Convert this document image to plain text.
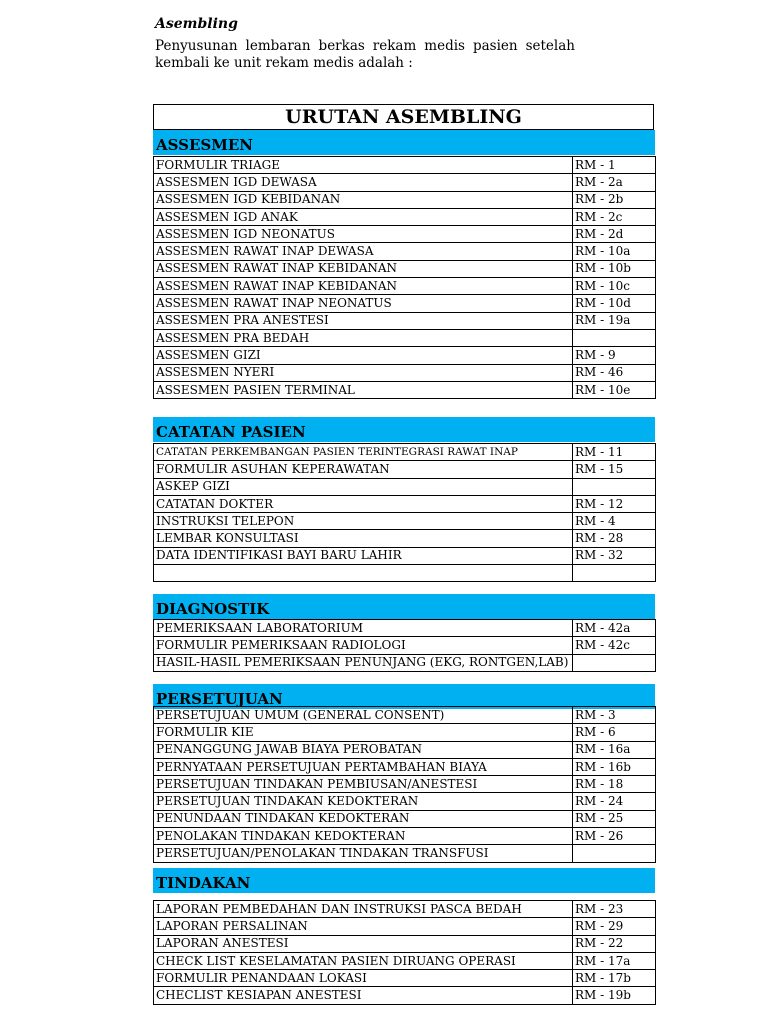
Asembling
Penyusunan lembaran berkas rekam medis pasien setelah kembali ke unit rekam medis adalah :
URUTAN ASEMBLING
ASSESMEN
FORMULIR TRIAGE	RM - 1
ASSESMEN IGD DEWASA	RM - 2a
ASSESMEN IGD KEBIDANAN	RM - 2b
ASSESMEN IGD ANAK	RM - 2c
ASSESMEN IGD NEONATUS	RM - 2d
ASSESMEN RAWAT INAP DEWASA	RM - 10a
ASSESMEN RAWAT INAP KEBIDANAN	RM - 10b
ASSESMEN RAWAT INAP KEBIDANAN	RM - 10c
ASSESMEN RAWAT INAP NEONATUS	RM - 10d
ASSESMEN PRA ANESTESI	RM - 19a
ASSESMEN PRA BEDAH	
ASSESMEN GIZI	RM - 9
ASSESMEN NYERI	RM - 46
ASSESMEN PASIEN TERMINAL	RM - 10e
CATATAN PASIEN
CATATAN PERKEMBANGAN PASIEN TERINTEGRASI RAWAT INAP	RM - 11
FORMULIR ASUHAN KEPERAWATAN	RM - 15
ASKEP GIZI	
CATATAN DOKTER	RM - 12
INSTRUKSI TELEPON	RM - 4
LEMBAR KONSULTASI	RM - 28
DATA IDENTIFIKASI BAYI BARU LAHIR	RM - 32

DIAGNOSTIK
PEMERIKSAAN LABORATORIUM	RM - 42a
FORMULIR PEMERIKSAAN RADIOLOGI	RM - 42c
HASIL-HASIL PEMERIKSAAN PENUNJANG (EKG, RONTGEN,LAB)	
PERSETUJUAN
PERSETUJUAN UMUM (GENERAL CONSENT)	RM - 3
FORMULIR KIE	RM - 6
PENANGGUNG JAWAB BIAYA PEROBATAN	RM - 16a
PERNYATAAN PERSETUJUAN PERTAMBAHAN BIAYA	RM - 16b
PERSETUJUAN TINDAKAN PEMBIUSAN/ANESTESI	RM - 18
PERSETUJUAN TINDAKAN KEDOKTERAN	RM - 24
PENUNDAAN TINDAKAN KEDOKTERAN	RM - 25
PENOLAKAN TINDAKAN KEDOKTERAN	RM - 26
PERSETUJUAN/PENOLAKAN TINDAKAN TRANSFUSI	
TINDAKAN
LAPORAN PEMBEDAHAN DAN INSTRUKSI PASCA BEDAH	RM - 23
LAPORAN PERSALINAN	RM - 29
LAPORAN ANESTESI	RM - 22
CHECK LIST KESELAMATAN PASIEN DIRUANG OPERASI	RM - 17a
FORMULIR PENANDAAN LOKASI	RM - 17b
CHECLIST KESIAPAN ANESTESI	RM - 19b
